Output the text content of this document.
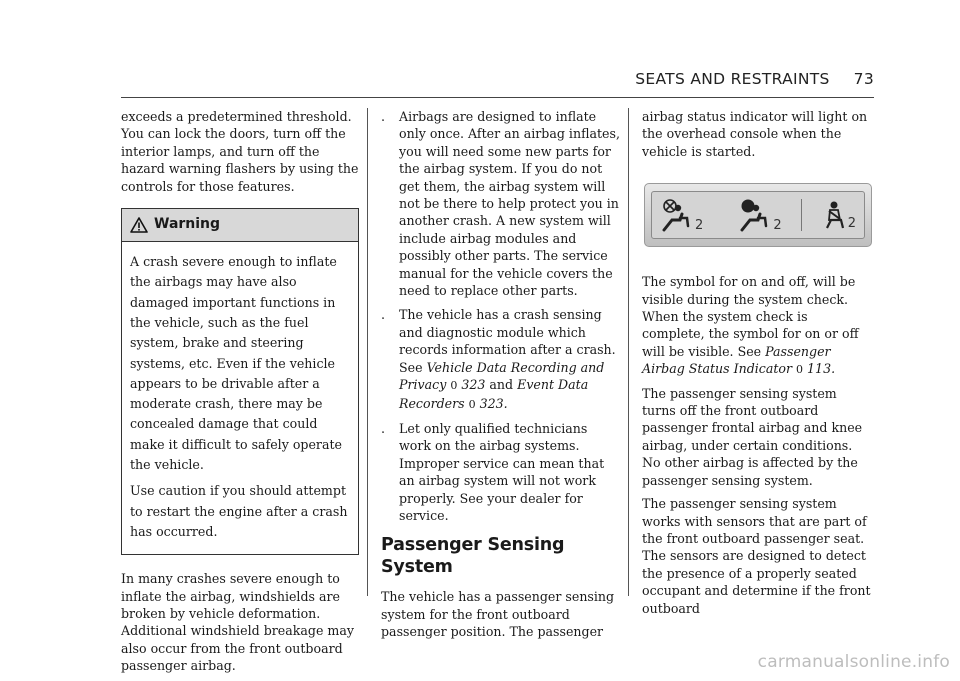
SEATS AND RESTRAINTS 73

exceeds a predetermined threshold. You can lock the doors, turn off the interior lamps, and turn off the hazard warning flashers by using the controls for those features.

Warning

A crash severe enough to inflate the airbags may have also damaged important functions in the vehicle, such as the fuel system, brake and steering systems, etc. Even if the vehicle appears to be drivable after a moderate crash, there may be concealed damage that could make it difficult to safely operate the vehicle.

Use caution if you should attempt to restart the engine after a crash has occurred.

In many crashes severe enough to inflate the airbag, windshields are broken by vehicle deformation. Additional windshield breakage may also occur from the front outboard passenger airbag.

. Airbags are designed to inflate only once. After an airbag inflates, you will need some new parts for the airbag system. If you do not get them, the airbag system will not be there to help protect you in another crash. A new system will include airbag modules and possibly other parts. The service manual for the vehicle covers the need to replace other parts.
. The vehicle has a crash sensing and diagnostic module which records information after a crash. See Vehicle Data Recording and Privacy 0 323 and Event Data Recorders 0 323.
. Let only qualified technicians work on the airbag systems. Improper service can mean that an airbag system will not work properly. See your dealer for service.
Passenger Sensing System

The vehicle has a passenger sensing system for the front outboard passenger position. The passenger

airbag status indicator will light on the overhead console when the vehicle is started.

2	2	2

The symbol for on and off, will be visible during the system check. When the system check is complete, the symbol for on or off will be visible. See Passenger Airbag Status Indicator 0 113.

The passenger sensing system turns off the front outboard passenger frontal airbag and knee airbag, under certain conditions. No other airbag is affected by the passenger sensing system.

The passenger sensing system works with sensors that are part of the front outboard passenger seat. The sensors are designed to detect the presence of a properly seated occupant and determine if the front outboard

carmanualsonline.info
